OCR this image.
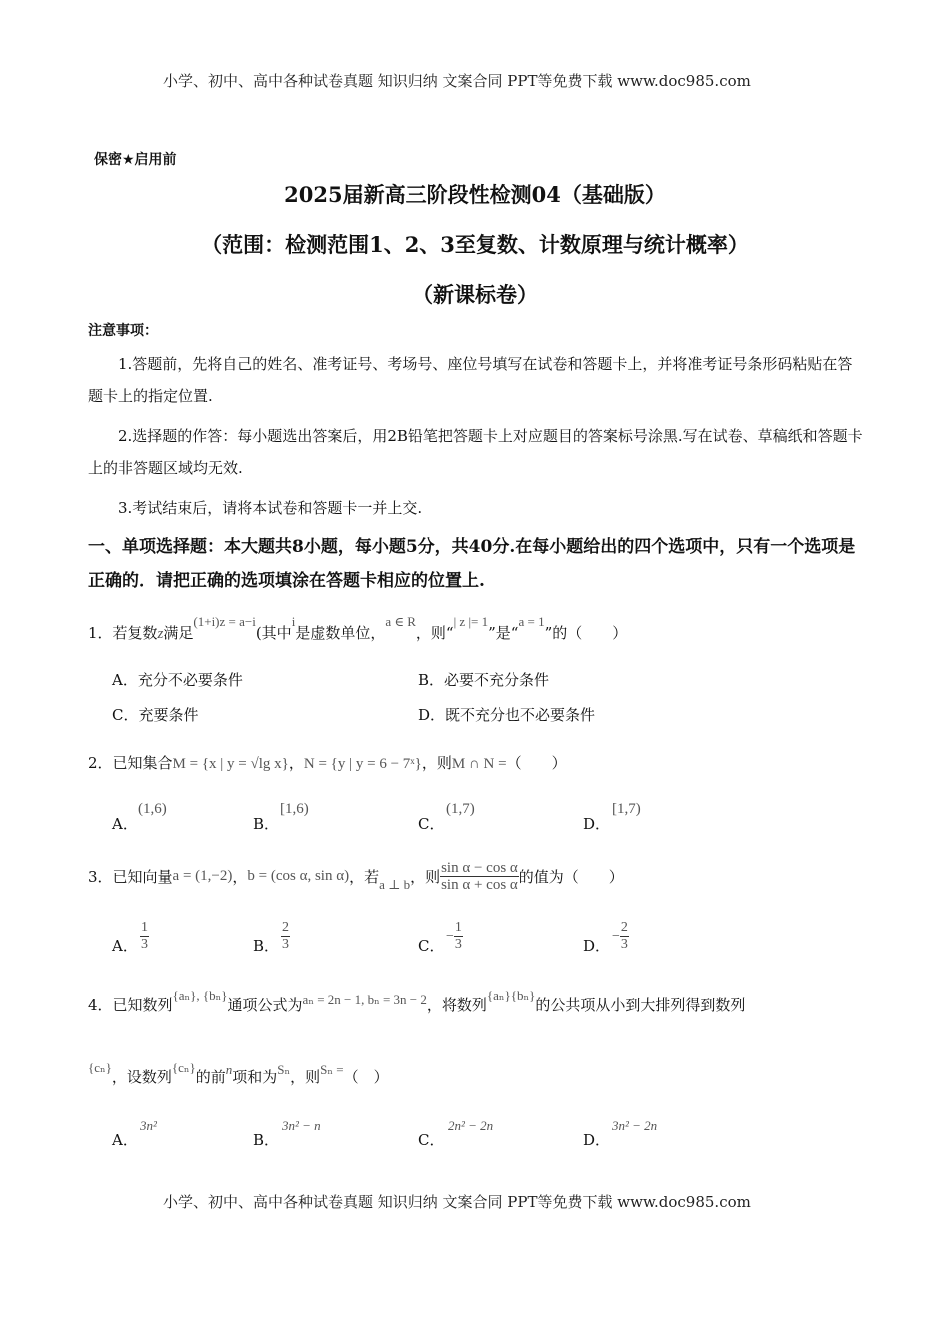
小学、初中、高中各种试卷真题 知识归纳 文案合同 PPT等免费下载 www.doc985.com
保密★启用前
2025届新高三阶段性检测04（基础版）
（范围：检测范围1、2、3至复数、计数原理与统计概率）
（新课标卷）
注意事项：
1.答题前，先将自己的姓名、准考证号、考场号、座位号填写在试卷和答题卡上，并将准考证号条形码粘贴在答题卡上的指定位置.
2.选择题的作答：每小题选出答案后，用2B铅笔把答题卡上对应题目的答案标号涂黑.写在试卷、草稿纸和答题卡上的非答题区域均无效.
3.考试结束后，请将本试卷和答题卡一并上交.
一、单项选择题：本大题共8小题，每小题5分，共40分.在每小题给出的四个选项中，只有一个选项是正确的．请把正确的选项填涂在答题卡相应的位置上.
1．若复数z满足(1+i)z = a−i(其中i是虚数单位，a ∈ R，则“| z |= 1”是“a = 1”的（　　）
A．充分不必要条件	B．必要不充分条件
C．充要条件	D．既不充分也不必要条件
2．已知集合M = {x | y = √lg x}，N = {y | y = 6 − 7ˣ}，则M ∩ N =（　　）
A．
(1,6)
B．
[1,6)
C．
(1,7)
D．
[1,7)
3．已知向量 a = (1,−2) ， b = (cos α, sin α) ，若 a ⊥ b ，则 $\frac{\text{sin α − cos α}}{\text{sin α + cos α}}$ 的值为（　　）
A． $\frac{1}{3}$	B． $\frac{2}{3}$	C．
− $\frac{1}{3}$	D．
− $\frac{2}{3}$
4．已知数列{aₙ}, {bₙ}通项公式为aₙ = 2n − 1, bₙ = 3n − 2，将数列{aₙ}{bₙ}的公共项从小到大排列得到数列
{cₙ}，设数列{cₙ}的前n项和为Sₙ，则Sₙ =（　）
A．
3n²
B．
3n² − n
C．
2n² − 2n
D．
3n² − 2n
小学、初中、高中各种试卷真题 知识归纳 文案合同 PPT等免费下载 www.doc985.com
